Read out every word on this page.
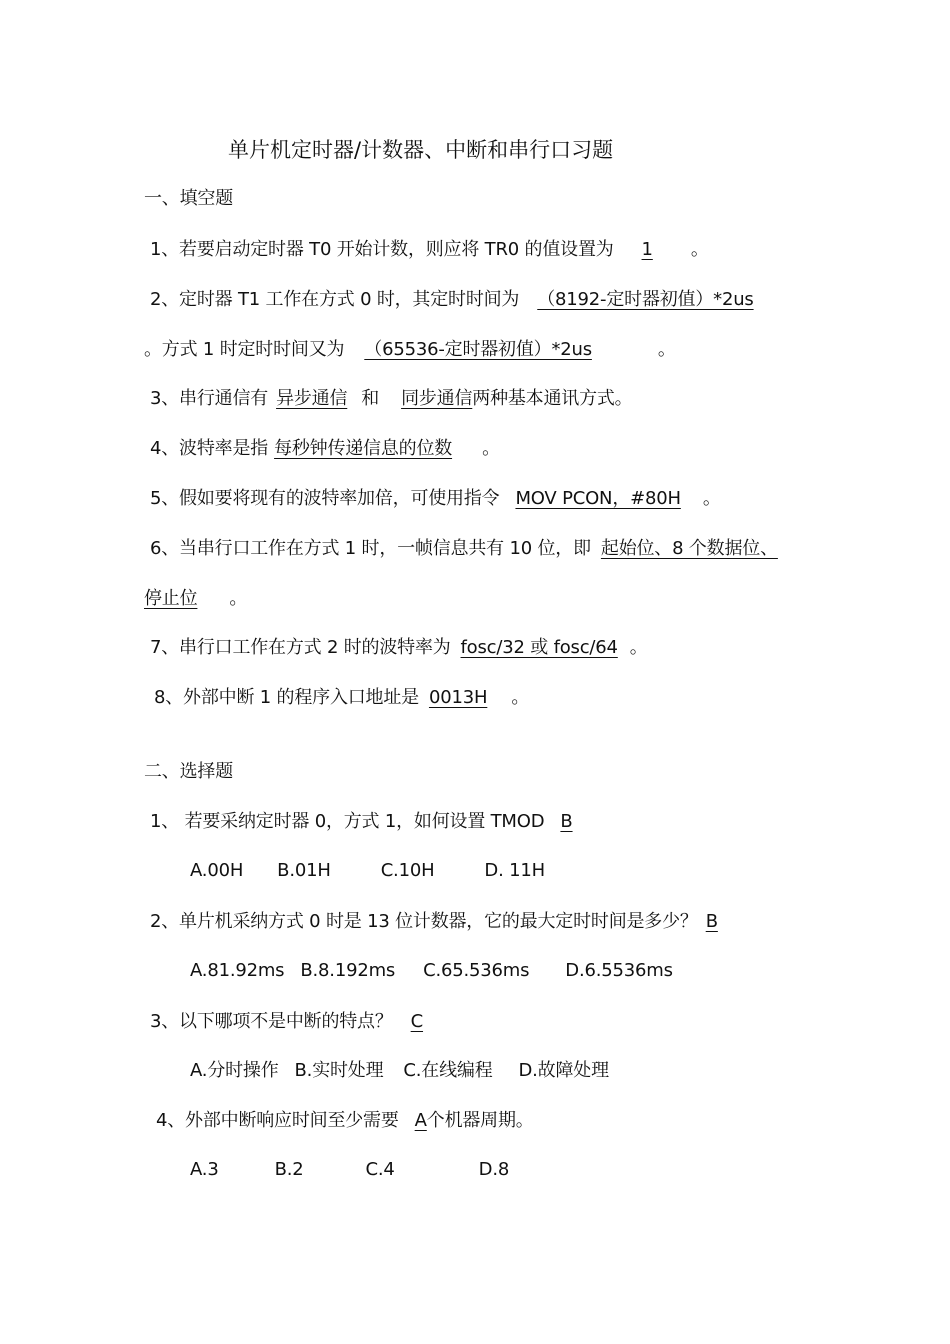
单片机定时器/计数器、中断和串行口习题
一、填空题
1、若要启动定时器 T0 开始计数，则应将 TR0 的值设置为 1 。
2、定时器 T1 工作在方式 0 时，其定时时间为 （8192-定时器初值）*2us
。方式 1 时定时时间又为 （65536-定时器初值）*2us	。
3、串行通信有 异步通信 和 同步通信两种基本通讯方式。
4、波特率是指 每秒钟传递信息的位数 。
5、假如要将现有的波特率加倍，可使用指令 MOV PCON，#80H 。
6、当串行口工作在方式 1 时，一帧信息共有 10 位，即 起始位、8 个数据位、
停止位 。
7、串行口工作在方式 2 时的波特率为 fosc/32 或 fosc/64 。
8、外部中断 1 的程序入口地址是 0013H 。
二、选择题
1、 若要采纳定时器 0，方式 1，如何设置 TMOD B
A.00H B.01H	C.10H	D. 11H
2、单片机采纳方式 0 时是 13 位计数器，它的最大定时时间是多少？ B
A.81.92ms B.8.192ms C.65.536ms D.6.5536ms
3、以下哪项不是中断的特点？ C
A.分时操作 B.实时处理 C.在线编程 D.故障处理
4、外部中断响应时间至少需要 A个机器周期。
A.3	B.2	C.4	D.8
